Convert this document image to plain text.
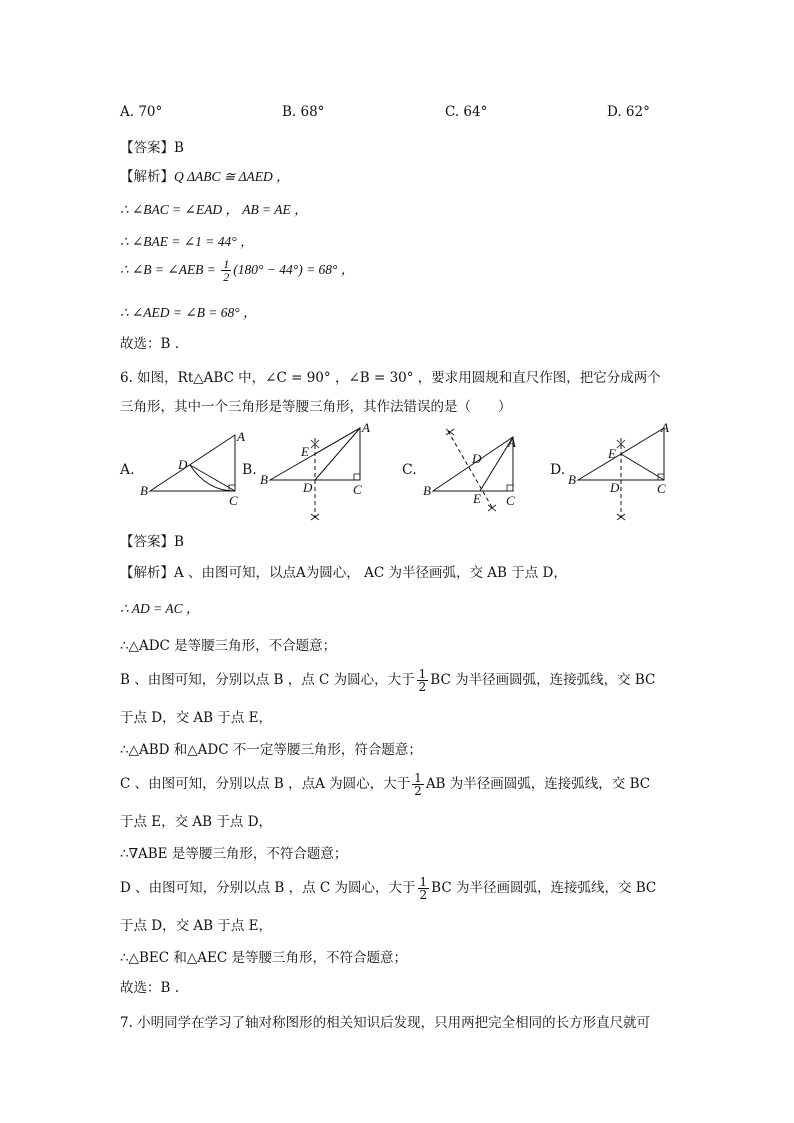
A. 70°	B. 68°	C. 64°	D. 62°
【答案】B
【解析】Q ΔABC ≅ ΔAED ，
∴ ∠BAC = ∠EAD ， AB = AE ，
∴ ∠BAE = ∠1 = 44° ，
∴ ∠B = ∠AEB = $\frac{1}{2} (180^\circ - 44^\circ) = 68^\circ$ ，
∴ ∠AED = ∠B = 68° ，
故选：B .
6. 如图，Rt△ABC 中，∠C = 90° ，∠B = 30° ，要求用圆规和直尺作图，把它分成两个
三角形，其中一个三角形是等腰三角形，其作法错误的是（　　）
A.	B.	C.	D.
A
B
C
D
A
B
C
D
E
A
B
C
D
E
A
B
C
D
E
【答案】B
【解析】A 、由图可知，以点A为圆心， AC 为半径画弧，交 AB 于点 D，
∴ AD = AC ，
∴△ADC 是等腰三角形，不合题意；
B 、由图可知，分别以点 B ，点 C 为圆心，大于 $\frac{1}{2}$ BC 为半径画圆弧，连接弧线，交 BC
于点 D，交 AB 于点 E，
∴△ABD 和△ADC 不一定等腰三角形，符合题意；
C 、由图可知，分别以点 B ，点A 为圆心，大于 $\frac{1}{2}$ AB 为半径画圆弧，连接弧线，交 BC
于点 E，交 AB 于点 D，
∴∇ABE 是等腰三角形，不符合题意；
D 、由图可知，分别以点 B ，点 C 为圆心，大于 $\frac{1}{2}$ BC 为半径画圆弧，连接弧线，交 BC
于点 D，交 AB 于点 E，
∴△BEC 和△AEC 是等腰三角形，不符合题意；
故选：B .
7. 小明同学在学习了轴对称图形的相关知识后发现，只用两把完全相同的长方形直尺就可
